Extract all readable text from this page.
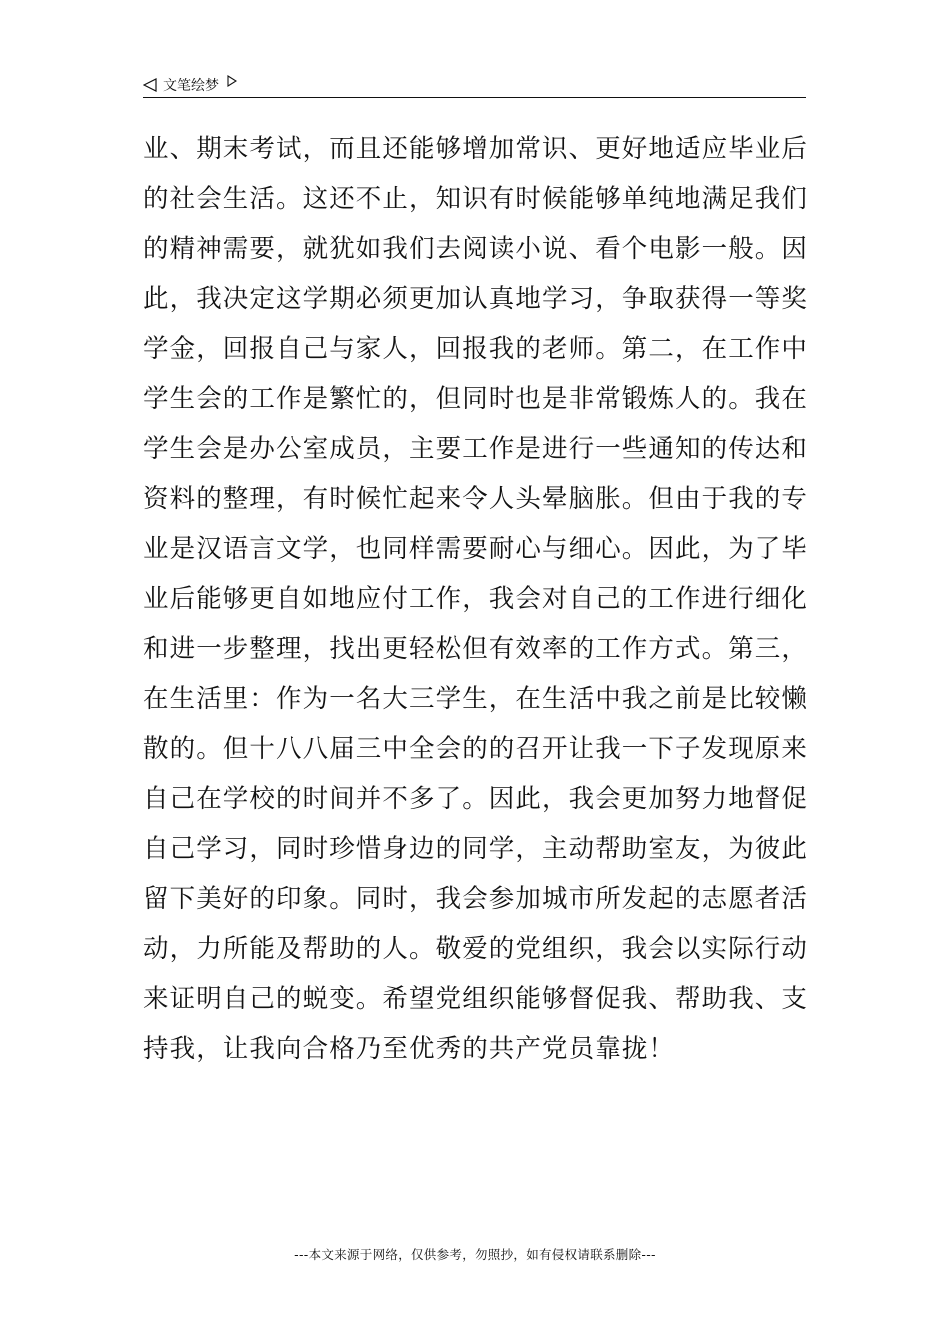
文笔绘梦
业、期末考试，而且还能够增加常识、更好地适应毕业后
的社会生活。这还不止，知识有时候能够单纯地满足我们
的精神需要，就犹如我们去阅读小说、看个电影一般。因
此，我决定这学期必须更加认真地学习，争取获得一等奖
学金，回报自己与家人，回报我的老师。第二，在工作中
学生会的工作是繁忙的，但同时也是非常锻炼人的。我在
学生会是办公室成员，主要工作是进行一些通知的传达和
资料的整理，有时候忙起来令人头晕脑胀。但由于我的专
业是汉语言文学，也同样需要耐心与细心。因此，为了毕
业后能够更自如地应付工作，我会对自己的工作进行细化
和进一步整理，找出更轻松但有效率的工作方式。第三，
在生活里：作为一名大三学生，在生活中我之前是比较懒
散的。但十八八届三中全会的的召开让我一下子发现原来
自己在学校的时间并不多了。因此，我会更加努力地督促
自己学习，同时珍惜身边的同学，主动帮助室友，为彼此
留下美好的印象。同时，我会参加城市所发起的志愿者活
动，力所能及帮助的人。敬爱的党组织，我会以实际行动
来证明自己的蜕变。希望党组织能够督促我、帮助我、支
持我，让我向合格乃至优秀的共产党员靠拢！
---本文来源于网络，仅供参考，勿照抄，如有侵权请联系删除---
